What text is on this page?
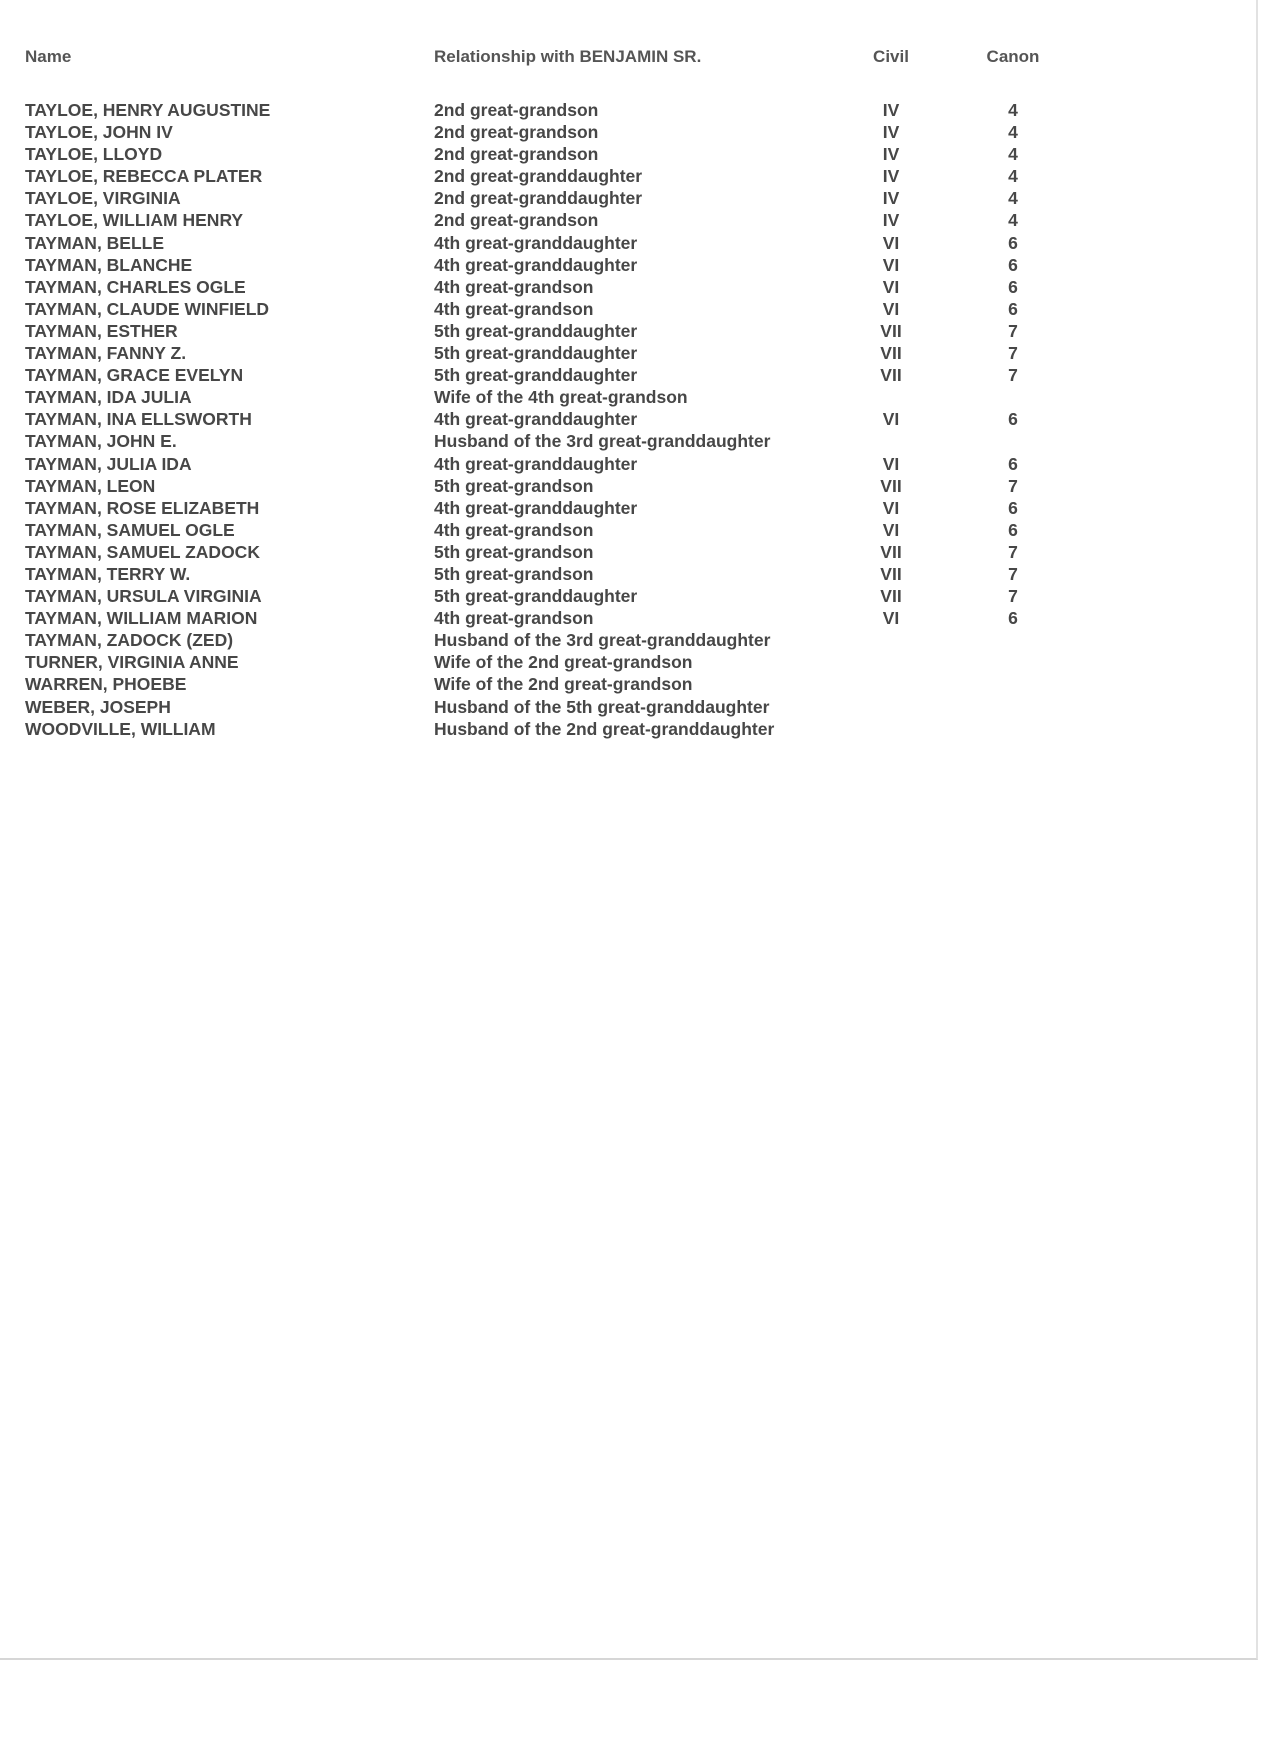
Name	Relationship with BENJAMIN SR.	Civil	Canon
TAYLOE, HENRY AUGUSTINE	2nd great-grandson	IV	4
TAYLOE, JOHN IV	2nd great-grandson	IV	4
TAYLOE, LLOYD	2nd great-grandson	IV	4
TAYLOE, REBECCA PLATER	2nd great-granddaughter	IV	4
TAYLOE, VIRGINIA	2nd great-granddaughter	IV	4
TAYLOE, WILLIAM HENRY	2nd great-grandson	IV	4
TAYMAN, BELLE	4th great-granddaughter	VI	6
TAYMAN, BLANCHE	4th great-granddaughter	VI	6
TAYMAN, CHARLES OGLE	4th great-grandson	VI	6
TAYMAN, CLAUDE WINFIELD	4th great-grandson	VI	6
TAYMAN, ESTHER	5th great-granddaughter	VII	7
TAYMAN, FANNY Z.	5th great-granddaughter	VII	7
TAYMAN, GRACE EVELYN	5th great-granddaughter	VII	7
TAYMAN, IDA JULIA	Wife of the 4th great-grandson
TAYMAN, INA ELLSWORTH	4th great-granddaughter	VI	6
TAYMAN, JOHN E.	Husband of the 3rd great-granddaughter
TAYMAN, JULIA IDA	4th great-granddaughter	VI	6
TAYMAN, LEON	5th great-grandson	VII	7
TAYMAN, ROSE ELIZABETH	4th great-granddaughter	VI	6
TAYMAN, SAMUEL OGLE	4th great-grandson	VI	6
TAYMAN, SAMUEL ZADOCK	5th great-grandson	VII	7
TAYMAN, TERRY W.	5th great-grandson	VII	7
TAYMAN, URSULA VIRGINIA	5th great-granddaughter	VII	7
TAYMAN, WILLIAM MARION	4th great-grandson	VI	6
TAYMAN, ZADOCK (ZED)	Husband of the 3rd great-granddaughter
TURNER, VIRGINIA ANNE	Wife of the 2nd great-grandson
WARREN, PHOEBE	Wife of the 2nd great-grandson
WEBER, JOSEPH	Husband of the 5th great-granddaughter
WOODVILLE, WILLIAM	Husband of the 2nd great-granddaughter
